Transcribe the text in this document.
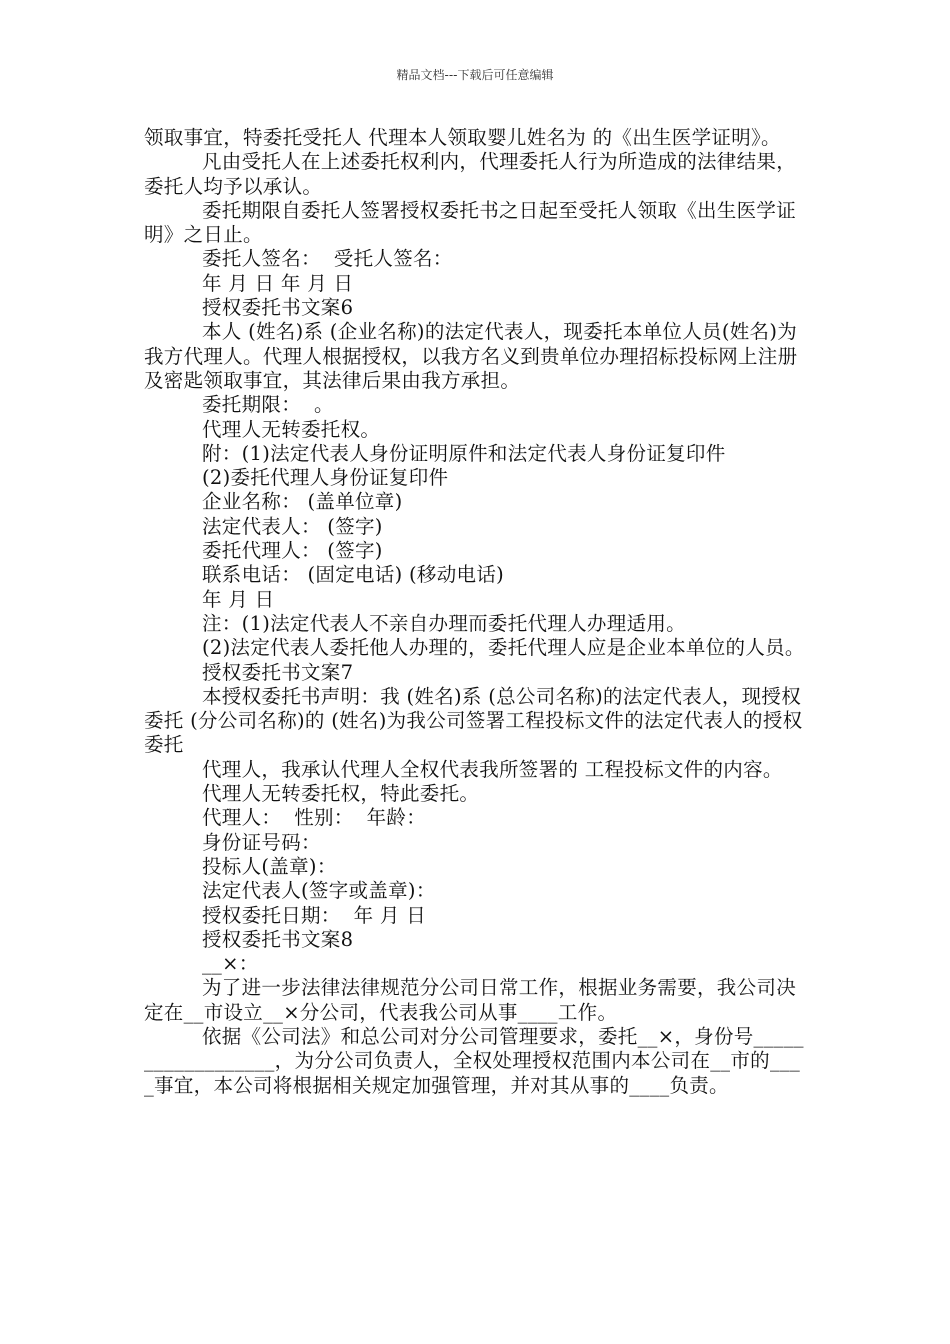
精品文档---下载后可任意编辑

领取事宜，特委托受托人 代理本人领取婴儿姓名为 的《出生医学证明》。

凡由受托人在上述委托权利内，代理委托人行为所造成的法律结果，委托人均予以承认。

委托期限自委托人签署授权委托书之日起至受托人领取《出生医学证明》之日止。

委托人签名：  受托人签名：

年 月 日 年 月 日

授权委托书文案6

本人 (姓名)系 (企业名称)的法定代表人，现委托本单位人员(姓名)为我方代理人。代理人根据授权，以我方名义到贵单位办理招标投标网上注册及密匙领取事宜，其法律后果由我方承担。

委托期限：  。

代理人无转委托权。

附：(1)法定代表人身份证明原件和法定代表人身份证复印件

(2)委托代理人身份证复印件

企业名称： (盖单位章)

法定代表人： (签字)

委托代理人： (签字)

联系电话： (固定电话) (移动电话)

年 月 日

注：(1)法定代表人不亲自办理而委托代理人办理适用。

(2)法定代表人委托他人办理的，委托代理人应是企业本单位的人员。

授权委托书文案7

本授权委托书声明：我 (姓名)系 (总公司名称)的法定代表人，现授权委托 (分公司名称)的 (姓名)为我公司签署工程投标文件的法定代表人的授权委托

代理人，我承认代理人全权代表我所签署的 工程投标文件的内容。

代理人无转委托权，特此委托。

代理人：  性别：  年龄：

身份证号码：

投标人(盖章)：

法定代表人(签字或盖章)：

授权委托日期：  年 月 日

授权委托书文案8

__×：

为了进一步法律法律规范分公司日常工作，根据业务需要，我公司决定在__市设立__×分公司，代表我公司从事____工作。

依据《公司法》和总公司对分公司管理要求，委托__×，身份号__________________，为分公司负责人，全权处理授权范围内本公司在__市的____事宜，本公司将根据相关规定加强管理，并对其从事的____负责。
